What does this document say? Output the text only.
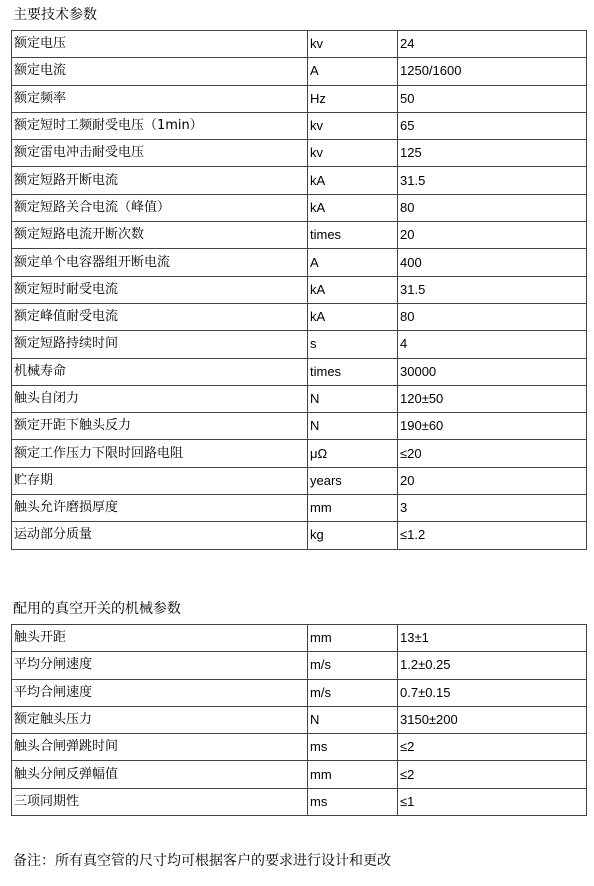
主要技术参数
额定电压	kv	24
额定电流	A	1250/1600
额定频率	Hz	50
额定短时工频耐受电压（1min）	kv	65
额定雷电冲击耐受电压	kv	125
额定短路开断电流	kA	31.5
额定短路关合电流（峰值）	kA	80
额定短路电流开断次数	times	20
额定单个电容器组开断电流	A	400
额定短时耐受电流	kA	31.5
额定峰值耐受电流	kA	80
额定短路持续时间	s	4
机械寿命	times	30000
触头自闭力	N	120±50
额定开距下触头反力	N	190±60
额定工作压力下限时回路电阻	μΩ	≤20
贮存期	years	20
触头允许磨损厚度	mm	3
运动部分质量	kg	≤1.2
配用的真空开关的机械参数
触头开距	mm	13±1
平均分闸速度	m/s	1.2±0.25
平均合闸速度	m/s	0.7±0.15
额定触头压力	N	3150±200
触头合闸弹跳时间	ms	≤2
触头分闸反弹幅值	mm	≤2
三项同期性	ms	≤1
备注：所有真空管的尺寸均可根据客户的要求进行设计和更改
